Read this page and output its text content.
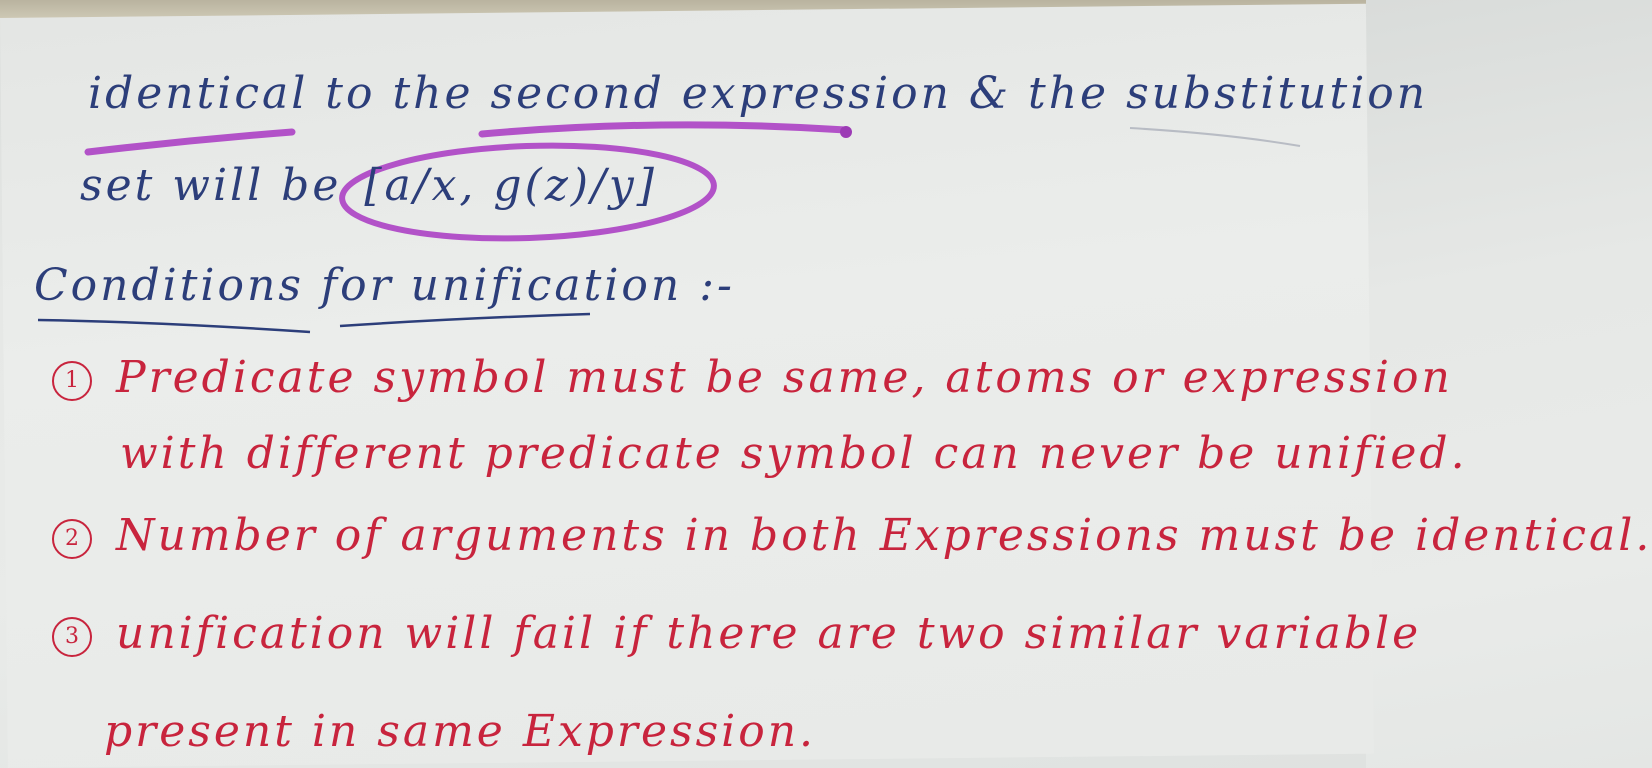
identical to the second expression & the substitution
set will be [a/x, g(z)/y]
Conditions for unification :-
1 Predicate symbol must be same, atoms or expression
with different predicate symbol can never be unified.
2 Number of arguments in both Expressions must be identical.
3 unification will fail if there are two similar variable
present in same Expression.
